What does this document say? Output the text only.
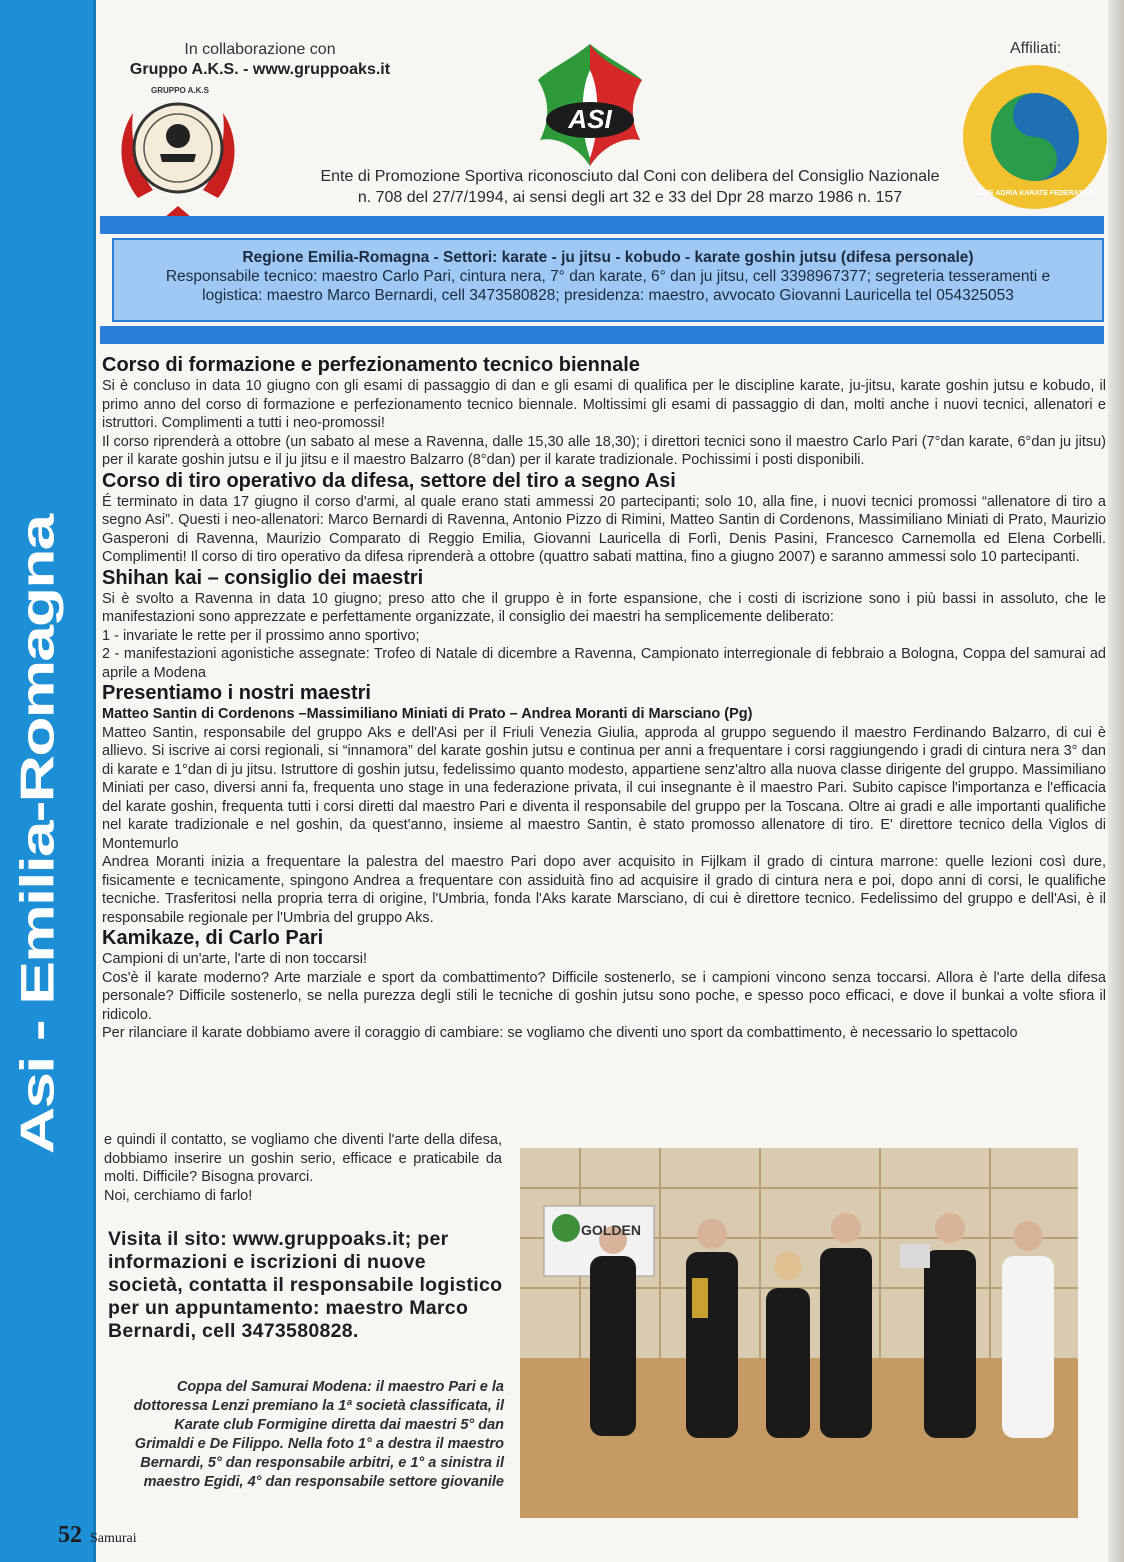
Asi - Emilia-Romagna
In collaborazione con
Gruppo A.K.S. - www.gruppoaks.it
GRUPPO A.K.S
ASI
Affiliati:
ALPE ADRIA KARATE FEDERATION
Ente di Promozione Sportiva riconosciuto dal Coni con delibera del Consiglio Nazionale
n. 708 del 27/7/1994, ai sensi degli art 32 e 33 del Dpr 28 marzo 1986 n. 157
Regione Emilia-Romagna - Settori: karate - ju jitsu - kobudo - karate goshin jutsu (difesa personale)
Responsabile tecnico: maestro Carlo Pari, cintura nera, 7° dan karate, 6° dan ju jitsu, cell 3398967377; segreteria tesseramenti e
logistica: maestro Marco Bernardi, cell 3473580828; presidenza: maestro, avvocato Giovanni Lauricella tel 054325053
Corso di formazione e perfezionamento tecnico biennale

Si è concluso in data 10 giugno con gli esami di passaggio di dan e gli esami di qualifica per le discipline karate, ju-jitsu, karate goshin jutsu e kobudo, il primo anno del corso di formazione e perfezionamento tecnico biennale. Moltissimi gli esami di passaggio di dan, molti anche i nuovi tecnici, allenatori e istruttori. Complimenti a tutti i neo-promossi!

Il corso riprenderà a ottobre (un sabato al mese a Ravenna, dalle 15,30 alle 18,30); i direttori tecnici sono il maestro Carlo Pari (7°dan karate, 6°dan ju jitsu) per il karate goshin jutsu e il ju jitsu e il maestro Balzarro (8°dan) per il karate tradizionale. Pochissimi i posti disponibili.

Corso di tiro operativo da difesa, settore del tiro a segno Asi

É terminato in data 17 giugno il corso d'armi, al quale erano stati ammessi 20 partecipanti; solo 10, alla fine, i nuovi tecnici promossi “allenatore di tiro a segno Asi”. Questi i neo-allenatori: Marco Bernardi di Ravenna, Antonio Pizzo di Rimini, Matteo Santin di Cordenons, Massimiliano Miniati di Prato, Maurizio Gasperoni di Ravenna, Maurizio Comparato di Reggio Emilia, Giovanni Lauricella di Forlì, Denis Pasini, Francesco Carnemolla ed Elena Corbelli. Complimenti! Il corso di tiro operativo da difesa riprenderà a ottobre (quattro sabati mattina, fino a giugno 2007) e saranno ammessi solo 10 partecipanti.

Shihan kai – consiglio dei maestri

Si è svolto a Ravenna in data 10 giugno; preso atto che il gruppo è in forte espansione, che i costi di iscrizione sono i più bassi in assoluto, che le manifestazioni sono apprezzate e perfettamente organizzate, il consiglio dei maestri ha semplicemente deliberato:

1 - invariate le rette per il prossimo anno sportivo;

2 - manifestazioni agonistiche assegnate: Trofeo di Natale di dicembre a Ravenna, Campionato interregionale di febbraio a Bologna, Coppa del samurai ad aprile a Modena

Presentiamo i nostri maestri
Matteo Santin di Cordenons –Massimiliano Miniati di Prato – Andrea Moranti di Marsciano (Pg)

Matteo Santin, responsabile del gruppo Aks e dell'Asi per il Friuli Venezia Giulia, approda al gruppo seguendo il maestro Ferdinando Balzarro, di cui è allievo. Si iscrive ai corsi regionali, si “innamora” del karate goshin jutsu e continua per anni a frequentare i corsi raggiungendo i gradi di cintura nera 3° dan di karate e 1°dan di ju jitsu. Istruttore di goshin jutsu, fedelissimo quanto modesto, appartiene senz'altro alla nuova classe dirigente del gruppo. Massimiliano Miniati per caso, diversi anni fa, frequenta uno stage in una federazione privata, il cui insegnante è il maestro Pari. Subito capisce l'importanza e l'efficacia del karate goshin, frequenta tutti i corsi diretti dal maestro Pari e diventa il responsabile del gruppo per la Toscana. Oltre ai gradi e alle importanti qualifiche nel karate tradizionale e nel goshin, da quest'anno, insieme al maestro Santin, è stato promosso allenatore di tiro. E' direttore tecnico della Viglos di Montemurlo

Andrea Moranti inizia a frequentare la palestra del maestro Pari dopo aver acquisito in Fijlkam il grado di cintura marrone: quelle lezioni così dure, fisicamente e tecnicamente, spingono Andrea a frequentare con assiduità fino ad acquisire il grado di cintura nera e poi, dopo anni di corsi, le qualifiche tecniche. Trasferitosi nella propria terra di origine, l'Umbria, fonda l'Aks karate Marsciano, di cui è direttore tecnico. Fedelissimo del gruppo e dell'Asi, è il responsabile regionale per l'Umbria del gruppo Aks.

Kamikaze, di Carlo Pari

Campioni di un'arte, l'arte di non toccarsi!

Cos'è il karate moderno? Arte marziale e sport da combattimento? Difficile sostenerlo, se i campioni vincono senza toccarsi. Allora è l'arte della difesa personale? Difficile sostenerlo, se nella purezza degli stili le tecniche di goshin jutsu sono poche, e spesso poco efficaci, e dove il bunkai a volte sfiora il ridicolo.

Per rilanciare il karate dobbiamo avere il coraggio di cambiare: se vogliamo che diventi uno sport da combattimento, è necessario lo spettacolo

e quindi il contatto, se vogliamo che diventi l'arte della difesa, dobbiamo inserire un goshin serio, efficace e praticabile da molti. Difficile? Bisogna provarci.

Noi, cerchiamo di farlo!

Visita il sito: www.gruppoaks.it; per informazioni e iscrizioni di nuove società, contatta il responsabile logistico per un appuntamento: maestro Marco Bernardi, cell 3473580828.
Coppa del Samurai Modena: il maestro Pari e la dottoressa Lenzi premiano la 1ª società classificata, il Karate club Formigine diretta dai maestri 5° dan Grimaldi e De Filippo. Nella foto 1° a destra il maestro Bernardi, 5° dan responsabile arbitri, e 1° a sinistra il maestro Egidi, 4° dan responsabile settore giovanile
GOLDEN
52 Samurai
